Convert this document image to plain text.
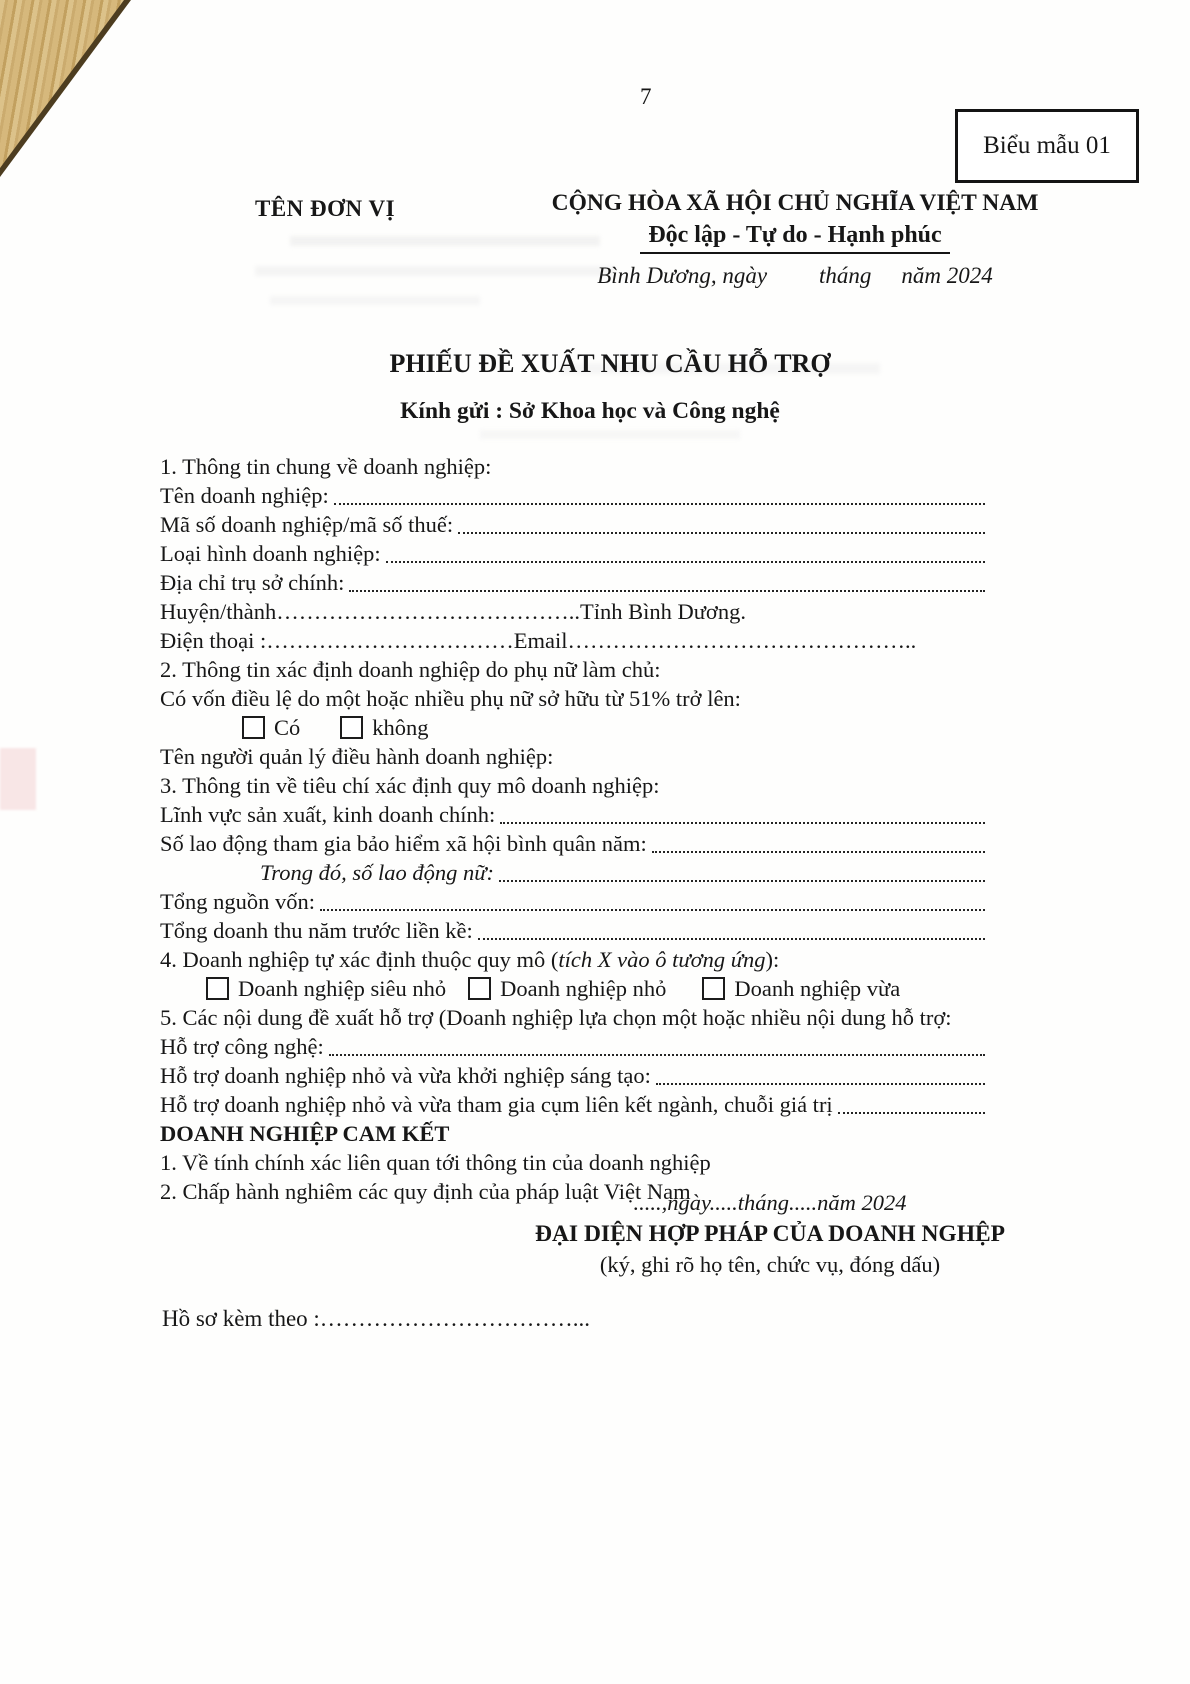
7
Biểu mẫu 01
TÊN ĐƠN VỊ	CỘNG HÒA XÃ HỘI CHỦ NGHĨA VIỆT NAM
Độc lập - Tự do - Hạnh phúc
Bình Dương, ngày tháng năm 2024
PHIẾU ĐỀ XUẤT NHU CẦU HỖ TRỢ
Kính gửi : Sở Khoa học và Công nghệ
1. Thông tin chung về doanh nghiệp:
Tên doanh nghiệp:
Mã số doanh nghiệp/mã số thuế:
Loại hình doanh nghiệp:
Địa chỉ trụ sở chính:
Huyện/thành ………………………………….. Tỉnh Bình Dương.
Điện thoại : …………………………… Email ………………………………………..
2. Thông tin xác định doanh nghiệp do phụ nữ làm chủ:
Có vốn điều lệ do một hoặc nhiều phụ nữ sở hữu từ 51% trở lên:
Có	không
Tên người quản lý điều hành doanh nghiệp:
3. Thông tin về tiêu chí xác định quy mô doanh nghiệp:
Lĩnh vực sản xuất, kinh doanh chính:
Số lao động tham gia bảo hiểm xã hội bình quân năm:
Trong đó, số lao động nữ:
Tổng nguồn vốn:
Tổng doanh thu năm trước liền kề:
4. Doanh nghiệp tự xác định thuộc quy mô ( tích X vào ô tương ứng ):
Doanh nghiệp siêu nhỏ Doanh nghiệp nhỏ	Doanh nghiệp vừa
5. Các nội dung đề xuất hỗ trợ (Doanh nghiệp lựa chọn một hoặc nhiều nội dung hỗ trợ:
Hỗ trợ công nghệ:
Hỗ trợ doanh nghiệp nhỏ và vừa khởi nghiệp sáng tạo:
Hỗ trợ doanh nghiệp nhỏ và vừa tham gia cụm liên kết ngành, chuỗi giá trị
DOANH NGHIỆP CAM KẾT
1. Về tính chính xác liên quan tới thông tin của doanh nghiệp
2. Chấp hành nghiêm các quy định của pháp luật Việt Nam
.....,ngày.....tháng.....năm 2024
ĐẠI DIỆN HỢP PHÁP CỦA DOANH NGHỆP
(ký, ghi rõ họ tên, chức vụ, đóng dấu)
Hồ sơ kèm theo :……………………………...
